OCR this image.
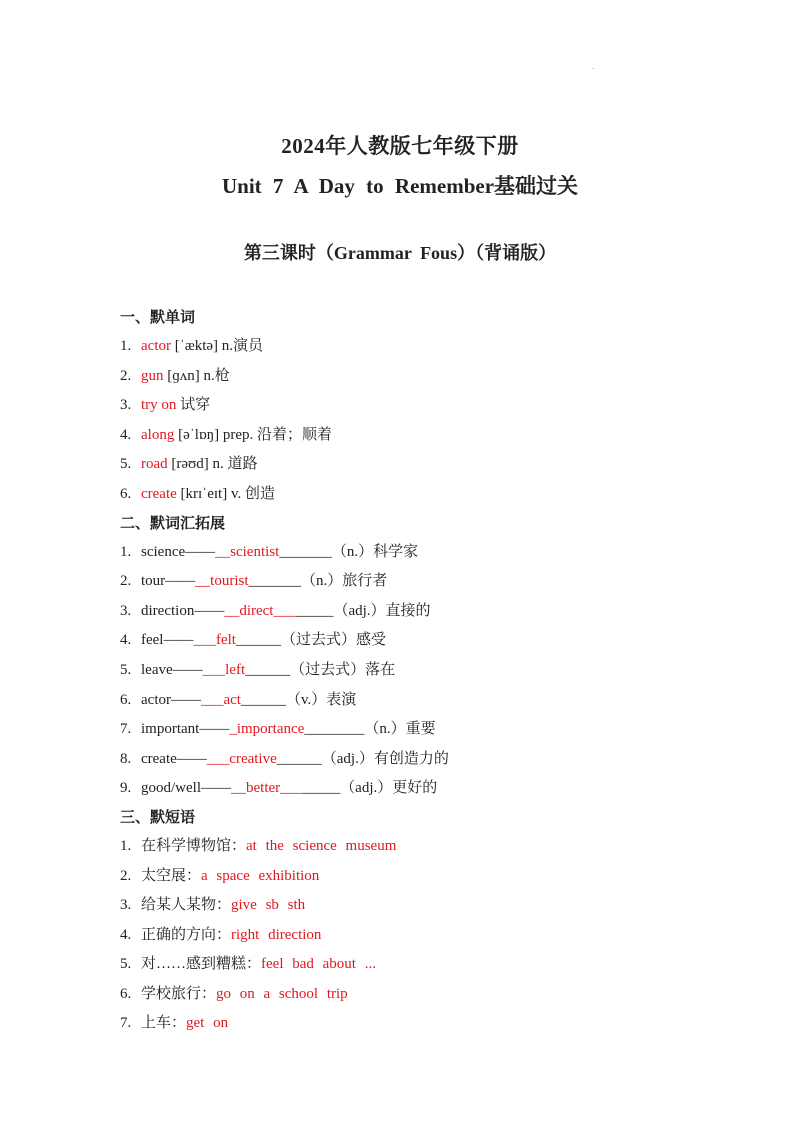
.
2024年人教版七年级下册
Unit 7 A Day to Remember基础过关
第三课时（Grammar Fous）（背诵版）
一、默单词
1. actor [ˈæktə] n.演员
2. gun [ɡʌn] n.枪
3. try on 试穿
4. along [əˈlɒŋ] prep. 沿着；顺着
5. road [rəʊd] n. 道路
6. create [krɪˈeɪt] v. 创造
二、默词汇拓展
1. science——__scientist_______（n.）科学家
2. tour——__tourist_______（n.）旅行者
3. direction——__direct________（adj.）直接的
4. feel——___felt______（过去式）感受
5. leave——___left______（过去式）落在
6. actor——___act______（v.）表演
7. important——_importance________（n.）重要
8. create——___creative______（adj.）有创造力的
9. good/well——__better________（adj.）更好的
三、默短语
1. 在科学博物馆：at the science museum
2. 太空展：a space exhibition
3. 给某人某物：give sb sth
4. 正确的方向：right direction
5. 对……感到糟糕：feel bad about ...
6. 学校旅行：go on a school trip
7. 上车：get on
